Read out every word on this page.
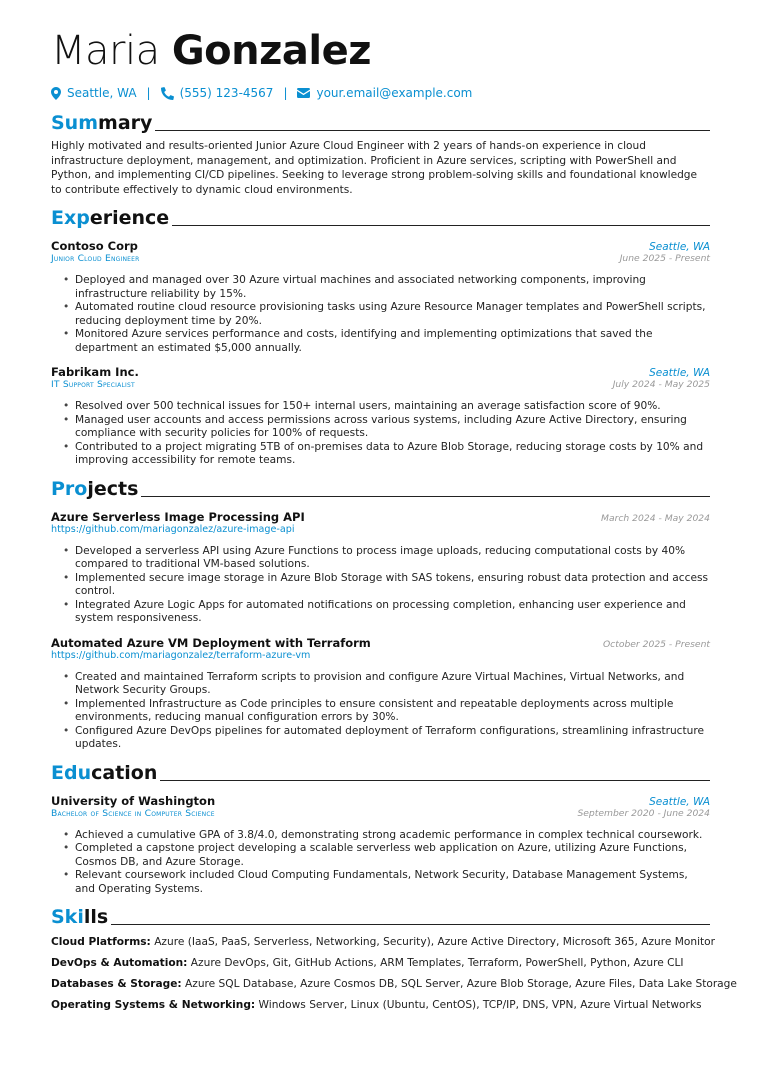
Maria Gonzalez
Seattle, WA | (555) 123-4567 | your.email@example.com
Summary
Highly motivated and results-oriented Junior Azure Cloud Engineer with 2 years of hands-on experience in cloud infrastructure deployment, management, and optimization. Proficient in Azure services, scripting with PowerShell and Python, and implementing CI/CD pipelines. Seeking to leverage strong problem-solving skills and foundational knowledge to contribute effectively to dynamic cloud environments.
Experience
Contoso Corp	Seattle, WA
Junior Cloud Engineer	June 2025 - Present
• Deployed and managed over 30 Azure virtual machines and associated networking components, improving infrastructure reliability by 15%.
• Automated routine cloud resource provisioning tasks using Azure Resource Manager templates and PowerShell scripts, reducing deployment time by 20%.
• Monitored Azure services performance and costs, identifying and implementing optimizations that saved the department an estimated $5,000 annually.
Fabrikam Inc.	Seattle, WA
IT Support Specialist	July 2024 - May 2025
• Resolved over 500 technical issues for 150+ internal users, maintaining an average satisfaction score of 90%.
• Managed user accounts and access permissions across various systems, including Azure Active Directory, ensuring compliance with security policies for 100% of requests.
• Contributed to a project migrating 5TB of on-premises data to Azure Blob Storage, reducing storage costs by 10% and improving accessibility for remote teams.
Projects
Azure Serverless Image Processing API	March 2024 - May 2024
https://github.com/mariagonzalez/azure-image-api
• Developed a serverless API using Azure Functions to process image uploads, reducing computational costs by 40% compared to traditional VM-based solutions.
• Implemented secure image storage in Azure Blob Storage with SAS tokens, ensuring robust data protection and access control.
• Integrated Azure Logic Apps for automated notifications on processing completion, enhancing user experience and system responsiveness.
Automated Azure VM Deployment with Terraform	October 2025 - Present
https://github.com/mariagonzalez/terraform-azure-vm
• Created and maintained Terraform scripts to provision and configure Azure Virtual Machines, Virtual Networks, and Network Security Groups.
• Implemented Infrastructure as Code principles to ensure consistent and repeatable deployments across multiple environments, reducing manual configuration errors by 30%.
• Configured Azure DevOps pipelines for automated deployment of Terraform configurations, streamlining infrastructure updates.
Education
University of Washington	Seattle, WA
Bachelor of Science in Computer Science	September 2020 - June 2024
• Achieved a cumulative GPA of 3.8/4.0, demonstrating strong academic performance in complex technical coursework.
• Completed a capstone project developing a scalable serverless web application on Azure, utilizing Azure Functions, Cosmos DB, and Azure Storage.
• Relevant coursework included Cloud Computing Fundamentals, Network Security, Database Management Systems, and Operating Systems.
Skills
Cloud Platforms: Azure (IaaS, PaaS, Serverless, Networking, Security), Azure Active Directory, Microsoft 365, Azure Monitor
DevOps & Automation: Azure DevOps, Git, GitHub Actions, ARM Templates, Terraform, PowerShell, Python, Azure CLI
Databases & Storage: Azure SQL Database, Azure Cosmos DB, SQL Server, Azure Blob Storage, Azure Files, Data Lake Storage
Operating Systems & Networking: Windows Server, Linux (Ubuntu, CentOS), TCP/IP, DNS, VPN, Azure Virtual Networks
